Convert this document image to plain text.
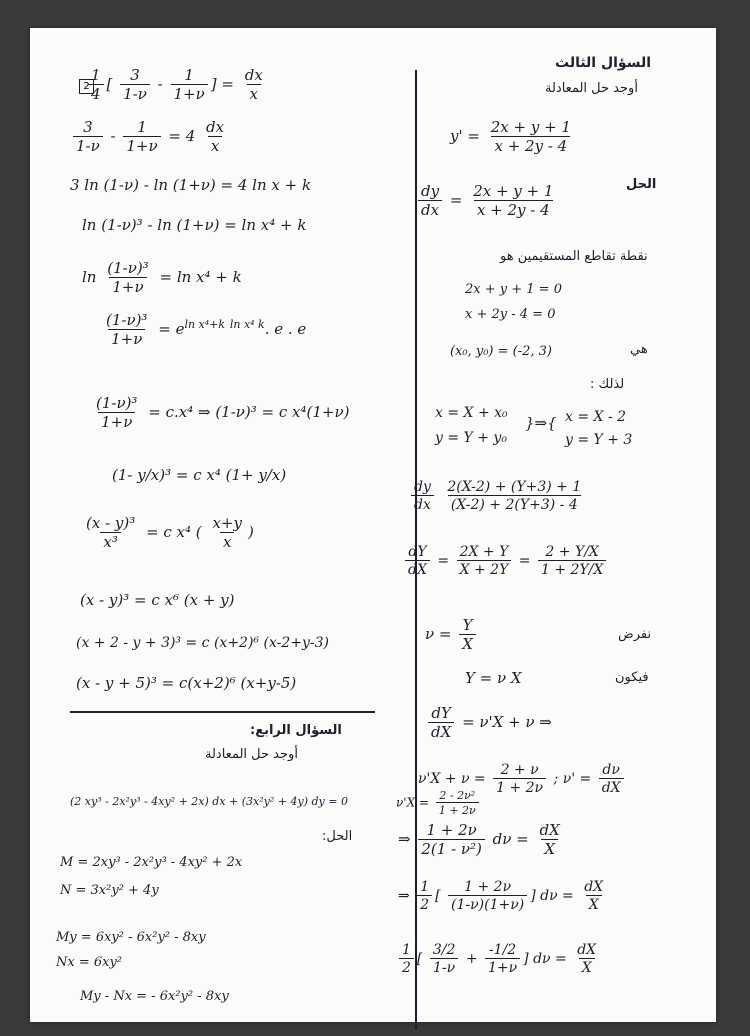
2
$\frac{1}{4}$ [ $\frac{3}{1-\nu} - \frac{1}{1+\nu}$ ] = $\frac{dx}{x}$
$\frac{3}{1-\nu} - \frac{1}{1+\nu} = 4 \frac{dx}{x}$
3 ln (1-ν) - ln (1+ν) = 4 ln x + k
ln (1-ν)³ - ln (1+ν) = ln x⁴ + k
$\ln \frac{\text{(1-ν)³}}{1+\nu} = \ln x^4 + k$
$\frac{\text{(1-ν)³}}{1+\nu} = e^{ln x^4+k}$ $^{ln x^4 k}$. e . e
$\frac{\text{(1-ν)³}}{1+\nu} = c.x^4$ ⇒ (1-ν)³ = c x⁴(1+ν)
(1- y/x)³ = c x⁴ (1+ y/x)
$\frac{\text{(x - y)³}}{\text{x³}} = c$ x⁴ ( $\frac{x+y}{x}$ )
(x - y)³ = c x⁶ (x + y)
(x + 2 - y + 3)³ = c (x+2)⁶ (x-2+y-3)
(x - y + 5)³ = c(x+2)⁶ (x+y-5)
السؤال الرابع:
أوجد حل المعادلة
(2 xy³ - 2x²y³ - 4xy² + 2x) dx + (3x²y² + 4y) dy = 0
الحل:
M = 2xy³ - 2x²y³ - 4xy² + 2x
N = 3x²y² + 4y
My = 6xy² - 6x²y² - 8xy
Nx = 6xy²
My - Nx = - 6x²y² - 8xy
السؤال الثالث
أوجد حل المعادلة
$y' = \frac{2x + y + 1}{x + 2y - 4}$
الحل
$\frac{dy}{dx} = \frac{2x + y + 1}{x + 2y - 4}$
نقطة تقاطع المستقيمين هو
2x + y + 1 = 0
x + 2y - 4 = 0
(x₀, y₀) = (-2, 3)	هي
لذلك :
x = X + x₀
y = Y + y₀
}⇒{ x = X - 2
y = Y + 3
$\frac{dy}{dx}$
$\frac{2(X-2) + (Y+3) + 1}{(X-2) + 2(Y+3) - 4}$
$\frac{dY}{dX} = \frac{2X + Y}{X + 2Y} = \frac{2 + Y/X}{1 + 2Y/X}$
$\nu = \frac{Y}{X}$	نفرض
Y = ν X	فيكون
$\frac{dY}{dX} = \nu'X + \nu$ ⇒
$\nu'X + \nu = \frac{2 + \nu}{1 + 2\nu}$ ; $\nu' = \frac{d\nu}{dX}$
$\nu'X = \frac{\text{2 - 2ν²}}{1 + 2\nu}$
⇒ $\frac{1 + 2\nu}{\text{2(1 - ν²)}}$ $d\nu = \frac{dX}{X}$
⇒ $\frac{1}{2}$ [ $\frac{1 + 2\nu}{(1-\nu)(1+\nu)}$ ] $d\nu = \frac{dX}{X}$
$\frac{1}{2}$ [ $\frac{3/2}{1-\nu} + \frac{-1/2}{1+\nu}$ ] $d\nu = \frac{dX}{X}$
